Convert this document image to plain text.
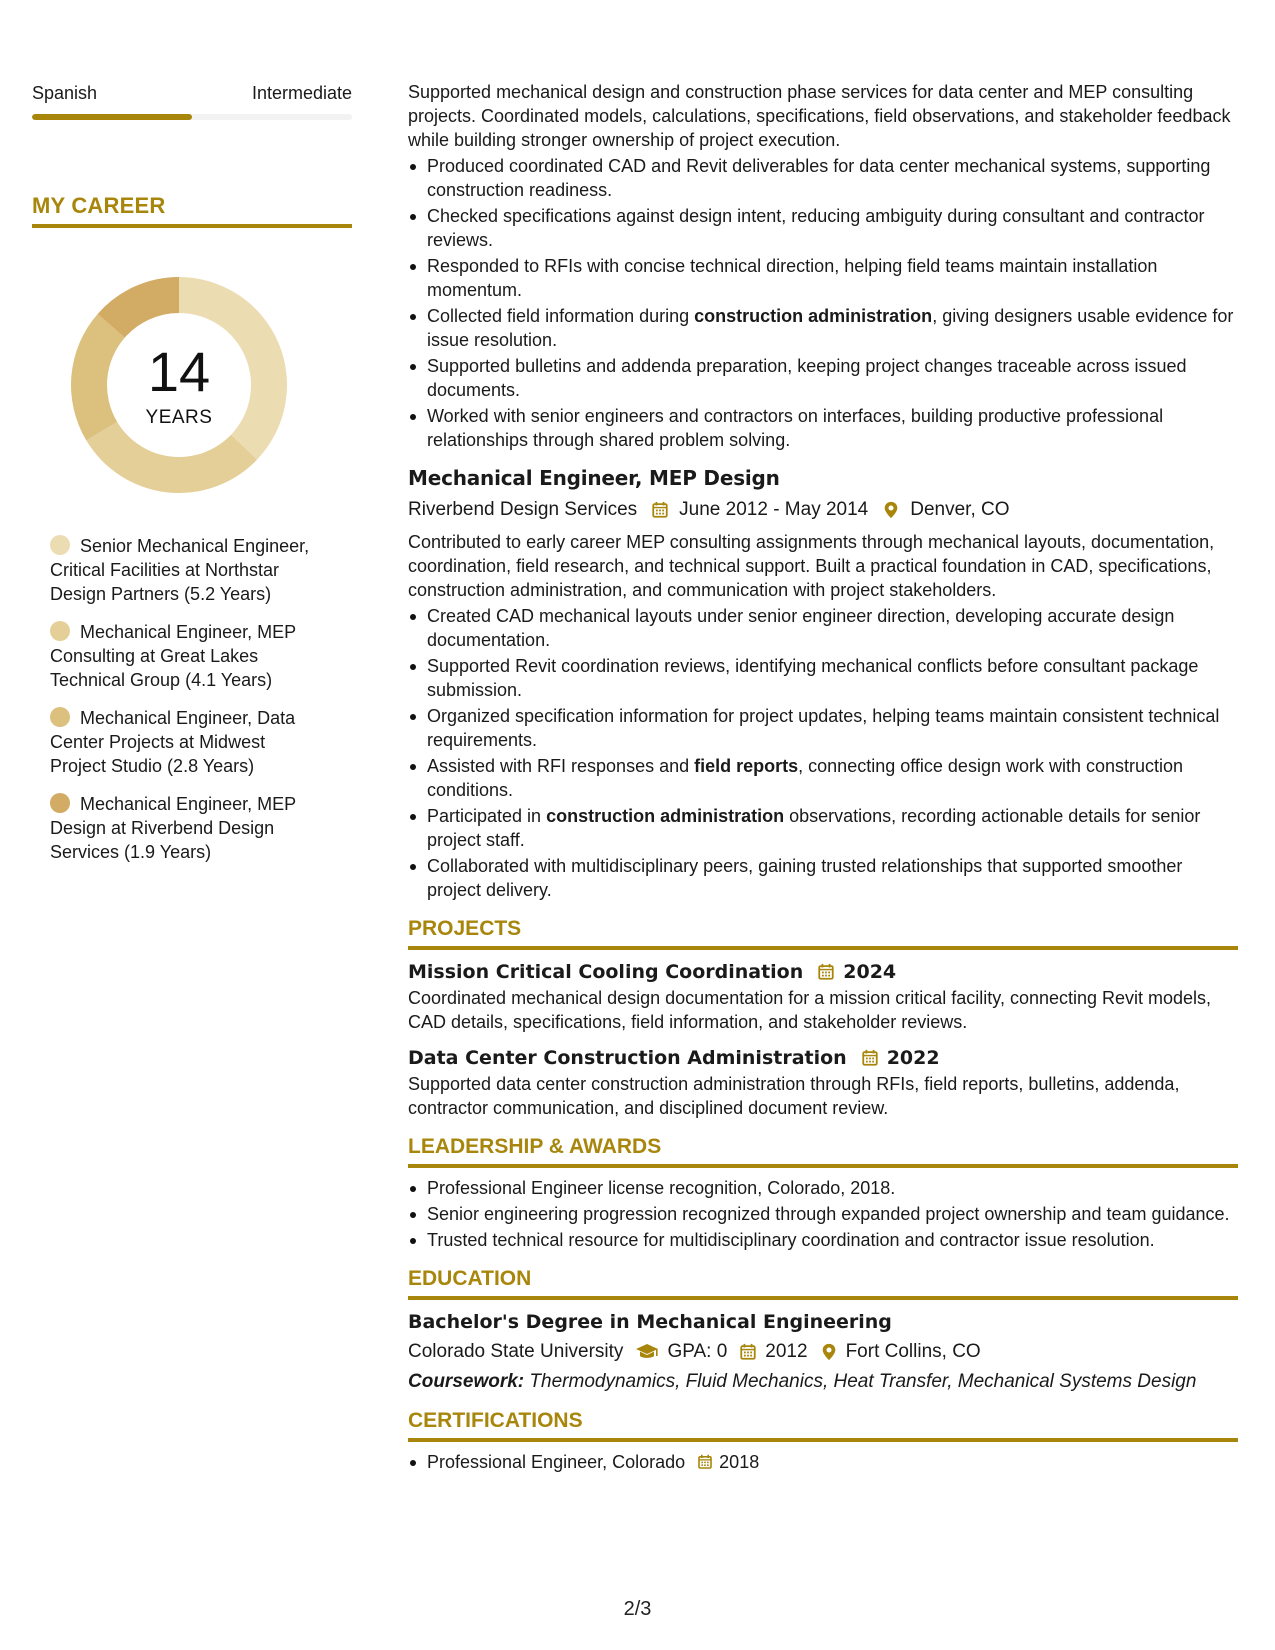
Spanish	Intermediate
MY CAREER
14
YEARS
Senior Mechanical Engineer, Critical Facilities at Northstar Design Partners (5.2 Years)
Mechanical Engineer, MEP Consulting at Great Lakes Technical Group (4.1 Years)
Mechanical Engineer, Data Center Projects at Midwest Project Studio (2.8 Years)
Mechanical Engineer, MEP Design at Riverbend Design Services (1.9 Years)

Supported mechanical design and construction phase services for data center and MEP consulting projects. Coordinated models, calculations, specifications, field observations, and stakeholder feedback while building stronger ownership of project execution.

Produced coordinated CAD and Revit deliverables for data center mechanical systems, supporting construction readiness.
Checked specifications against design intent, reducing ambiguity during consultant and contractor reviews.
Responded to RFIs with concise technical direction, helping field teams maintain installation momentum.
Collected field information during construction administration, giving designers usable evidence for issue resolution.
Supported bulletins and addenda preparation, keeping project changes traceable across issued documents.
Worked with senior engineers and contractors on interfaces, building productive professional relationships through shared problem solving.
Mechanical Engineer, MEP Design
Riverbend Design Services June 2012 - May 2014 Denver, CO

Contributed to early career MEP consulting assignments through mechanical layouts, documentation, coordination, field research, and technical support. Built a practical foundation in CAD, specifications, construction administration, and communication with project stakeholders.

Created CAD mechanical layouts under senior engineer direction, developing accurate design documentation.
Supported Revit coordination reviews, identifying mechanical conflicts before consultant package submission.
Organized specification information for project updates, helping teams maintain consistent technical requirements.
Assisted with RFI responses and field reports, connecting office design work with construction conditions.
Participated in construction administration observations, recording actionable details for senior project staff.
Collaborated with multidisciplinary peers, gaining trusted relationships that supported smoother project delivery.
PROJECTS
Mission Critical Cooling Coordination 2024

Coordinated mechanical design documentation for a mission critical facility, connecting Revit models, CAD details, specifications, field information, and stakeholder reviews.

Data Center Construction Administration 2022

Supported data center construction administration through RFIs, field reports, bulletins, addenda, contractor communication, and disciplined document review.

LEADERSHIP & AWARDS
Professional Engineer license recognition, Colorado, 2018.
Senior engineering progression recognized through expanded project ownership and team guidance.
Trusted technical resource for multidisciplinary coordination and contractor issue resolution.
EDUCATION
Bachelor's Degree in Mechanical Engineering
Colorado State University GPA: 0 2012 Fort Collins, CO

Coursework: Thermodynamics, Fluid Mechanics, Heat Transfer, Mechanical Systems Design

CERTIFICATIONS
Professional Engineer, Colorado 2018
2/3
